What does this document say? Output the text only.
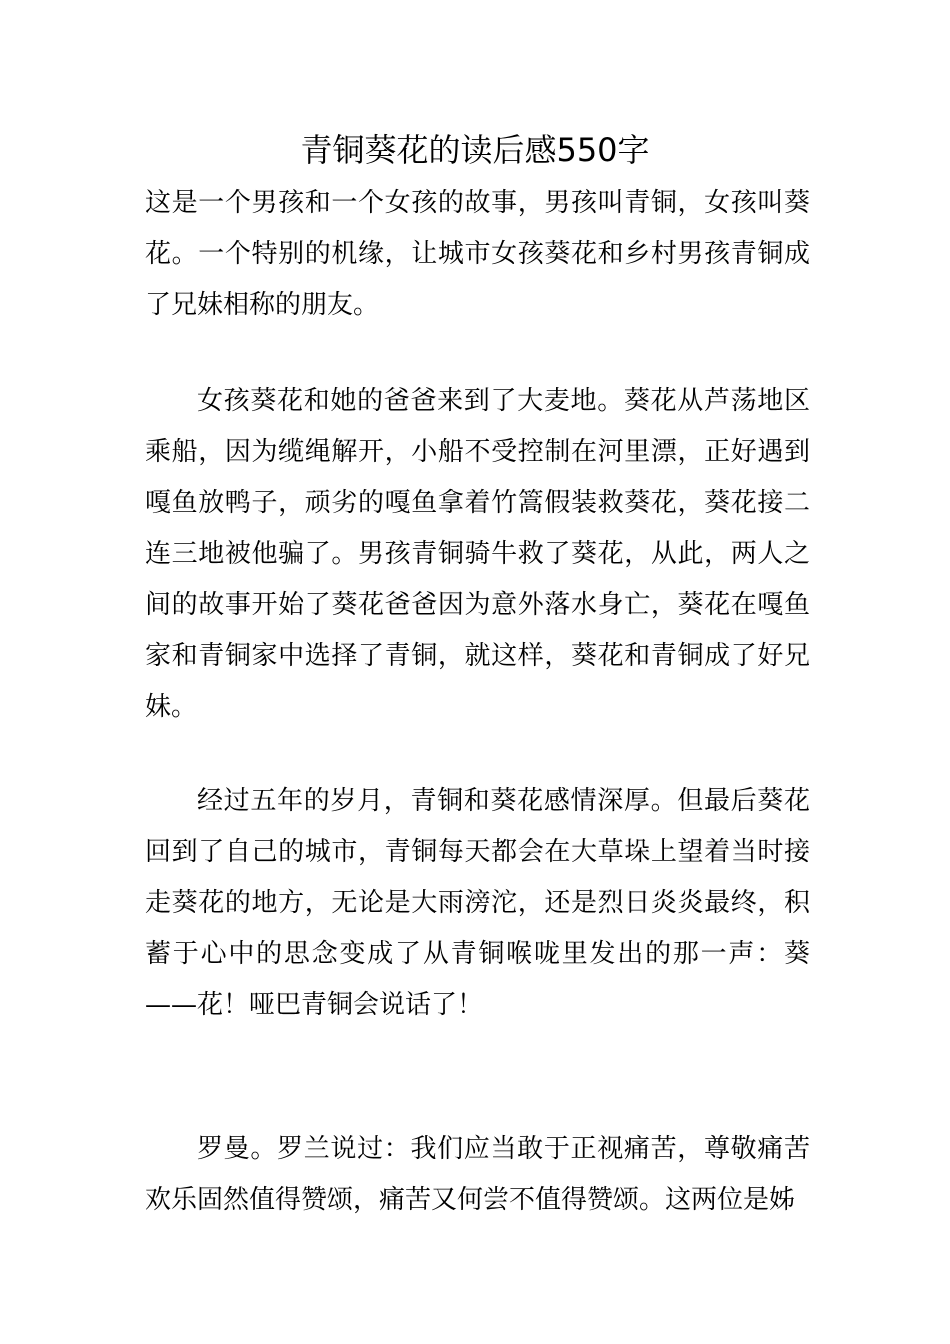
青铜葵花的读后感550字

这是一个男孩和一个女孩的故事，男孩叫青铜，女孩叫葵花。一个特别的机缘，让城市女孩葵花和乡村男孩青铜成了兄妹相称的朋友。

女孩葵花和她的爸爸来到了大麦地。葵花从芦荡地区乘船，因为缆绳解开，小船不受控制在河里漂，正好遇到嘎鱼放鸭子，顽劣的嘎鱼拿着竹篙假装救葵花，葵花接二连三地被他骗了。男孩青铜骑牛救了葵花，从此，两人之间的故事开始了葵花爸爸因为意外落水身亡，葵花在嘎鱼家和青铜家中选择了青铜，就这样，葵花和青铜成了好兄妹。

经过五年的岁月，青铜和葵花感情深厚。但最后葵花回到了自己的城市，青铜每天都会在大草垛上望着当时接走葵花的地方，无论是大雨滂沱，还是烈日炎炎最终，积蓄于心中的思念变成了从青铜喉咙里发出的那一声：葵——花！哑巴青铜会说话了！

罗曼。罗兰说过：我们应当敢于正视痛苦，尊敬痛苦欢乐固然值得赞颂，痛苦又何尝不值得赞颂。这两位是姊
